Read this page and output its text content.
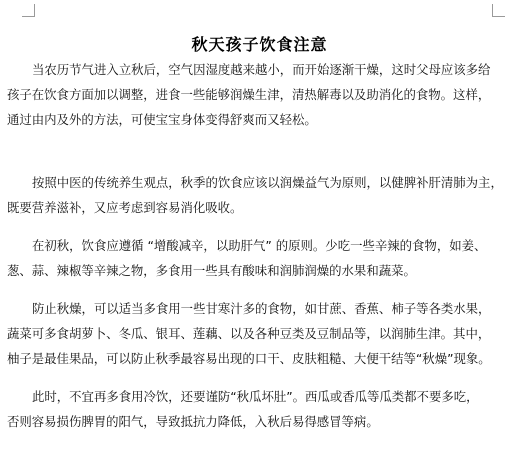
秋天孩子饮食注意
当农历节气进入立秋后，空气因湿度越来越小，而开始逐渐干燥，这时父母应该多给
孩子在饮食方面加以调整，进食一些能够润燥生津，清热解毒以及助消化的食物。这样，
通过由内及外的方法，可使宝宝身体变得舒爽而又轻松。
按照中医的传统养生观点，秋季的饮食应该以润燥益气为原则，以健脾补肝清肺为主，
既要营养滋补，又应考虑到容易消化吸收。
在初秋，饮食应遵循 “增酸减辛，以助肝气” 的原则。少吃一些辛辣的食物，如姜、
葱、蒜、辣椒等辛辣之物，多食用一些具有酸味和润肺润燥的水果和蔬菜。
防止秋燥，可以适当多食用一些甘寒汁多的食物，如甘蔗、香蕉、柿子等各类水果，
蔬菜可多食胡萝卜、冬瓜、银耳、莲藕、以及各种豆类及豆制品等，以润肺生津。其中，
柚子是最佳果品，可以防止秋季最容易出现的口干、皮肤粗糙、大便干结等“秋燥”现象。
此时，不宜再多食用冷饮，还要谨防“秋瓜坏肚”。西瓜或香瓜等瓜类都不要多吃，
否则容易损伤脾胃的阳气，导致抵抗力降低，入秋后易得感冒等病。
